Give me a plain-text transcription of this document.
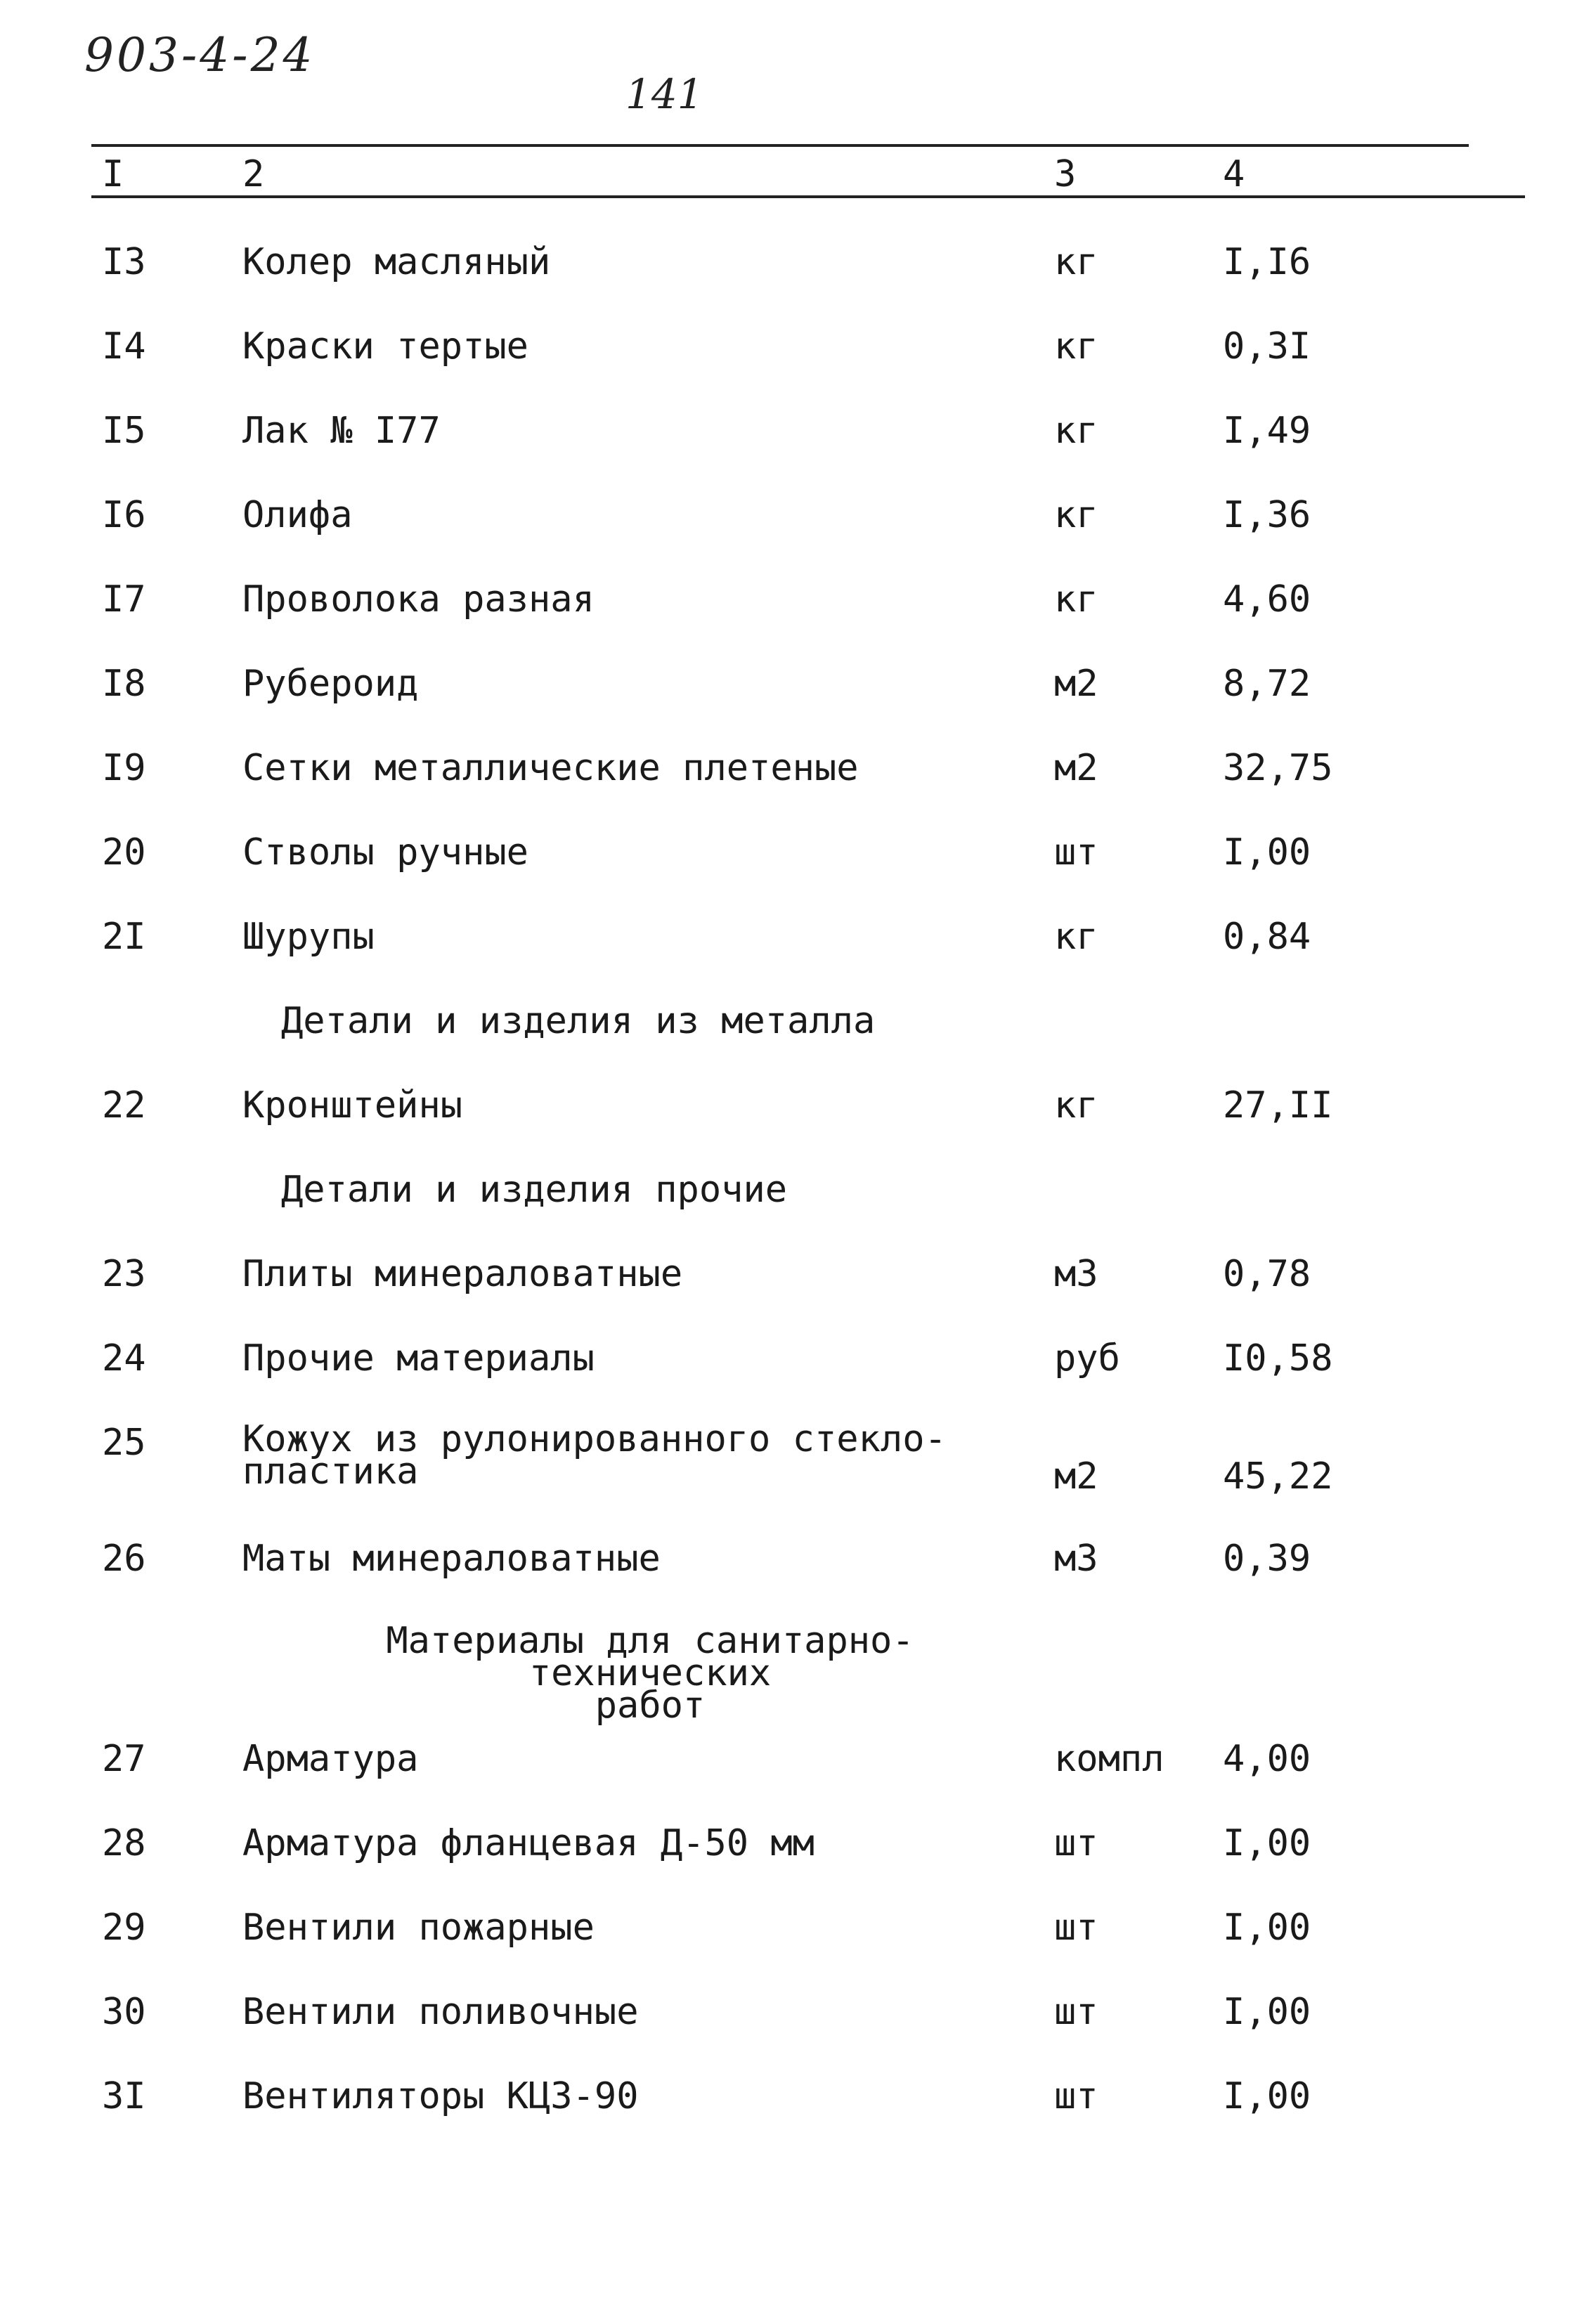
903-4-24
141
I	2	3	4
I3	Колер масляный	кг	I,I6
I4	Краски тертые	кг	0,3I
I5	Лак № I77	кг	I,49
I6	Олифа	кг	I,36
I7	Проволока разная	кг	4,60
I8	Рубероид	м2	8,72
I9	Сетки металлические плетеные	м2	32,75
20	Стволы ручные	шт	I,00
2I	Шурупы	кг	0,84
Детали и изделия из металла
22	Кронштейны	кг	27,II
Детали и изделия прочие
23	Плиты минераловатные	м3	0,78
24	Прочие материалы	руб	I0,58
25	Кожух из рулонированного стекло-
пластика	м2	45,22
26	Маты минераловатные	м3	0,39
Материалы для санитарно-технических
работ
27	Арматура	компл 4,00
28	Арматура фланцевая Д-50 мм	шт	I,00
29	Вентили пожарные	шт	I,00
30	Вентили поливочные	шт	I,00
3I	Вентиляторы КЦЗ-90	шт	I,00
